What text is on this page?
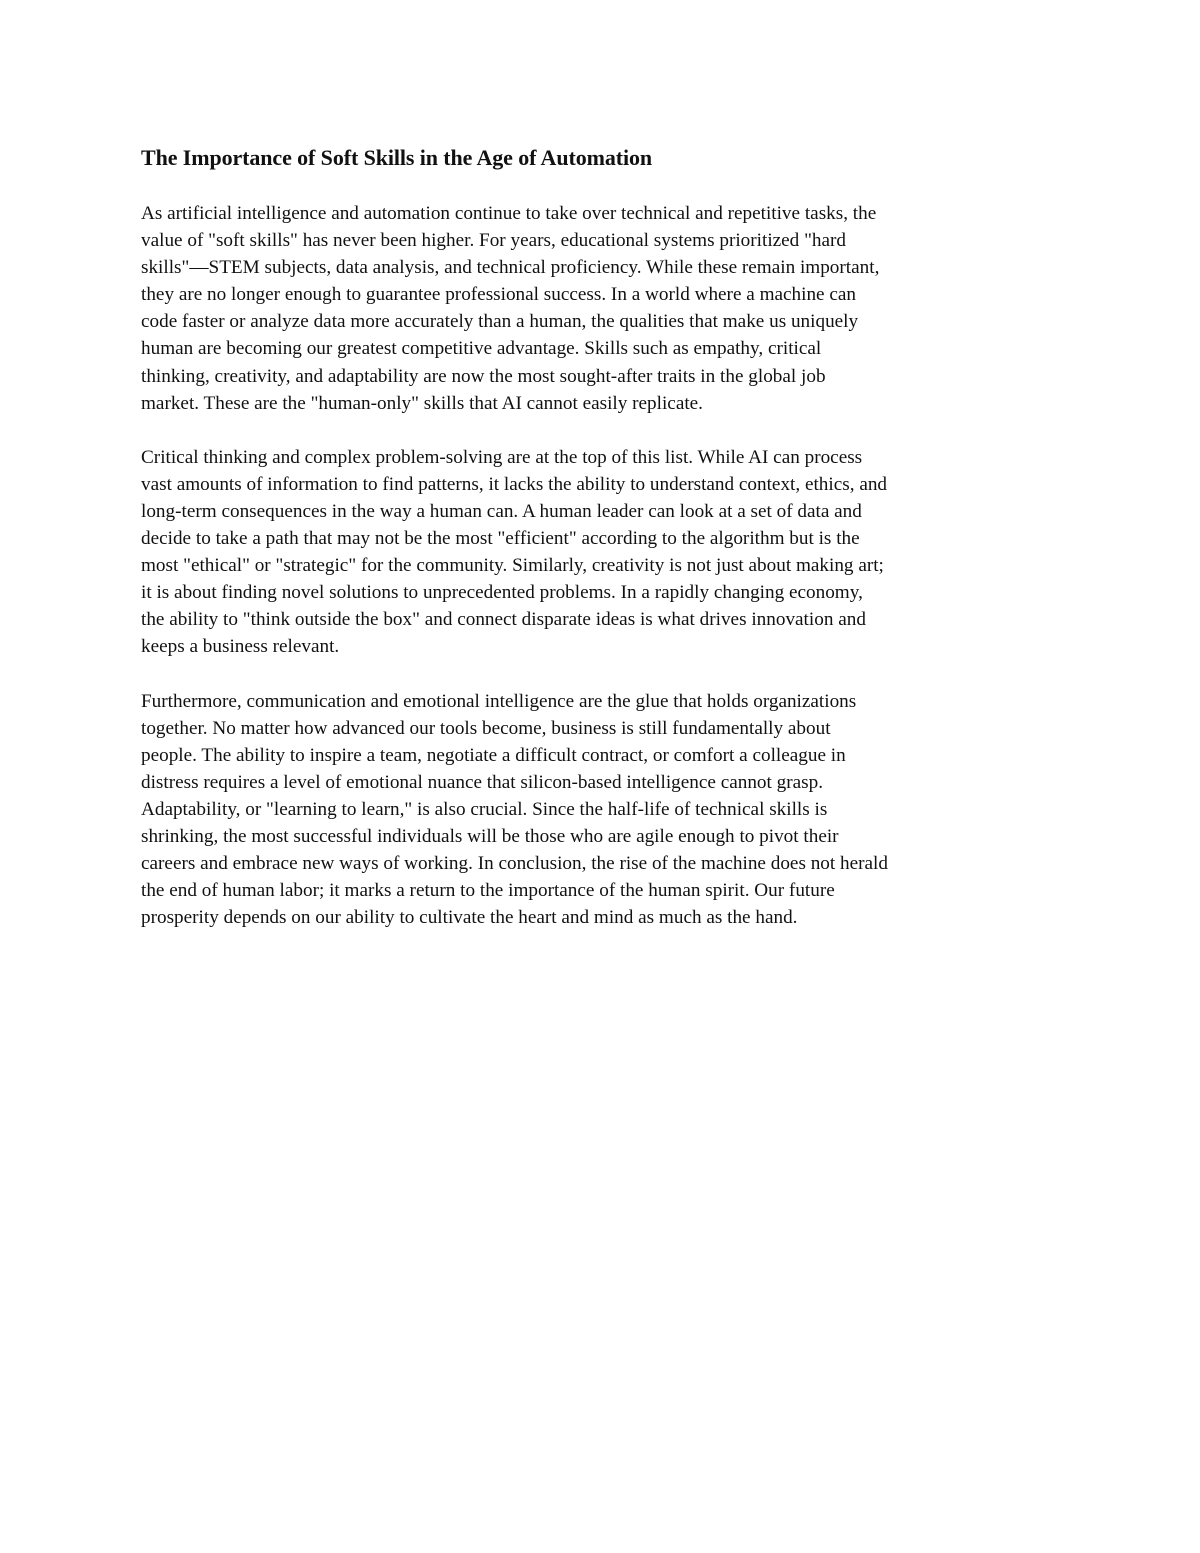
The Importance of Soft Skills in the Age of Automation

As artificial intelligence and automation continue to take over technical and repetitive tasks, the
value of "soft skills" has never been higher. For years, educational systems prioritized "hard
skills"—STEM subjects, data analysis, and technical proficiency. While these remain important,
they are no longer enough to guarantee professional success. In a world where a machine can
code faster or analyze data more accurately than a human, the qualities that make us uniquely
human are becoming our greatest competitive advantage. Skills such as empathy, critical
thinking, creativity, and adaptability are now the most sought-after traits in the global job
market. These are the "human-only" skills that AI cannot easily replicate.

Critical thinking and complex problem-solving are at the top of this list. While AI can process
vast amounts of information to find patterns, it lacks the ability to understand context, ethics, and
long-term consequences in the way a human can. A human leader can look at a set of data and
decide to take a path that may not be the most "efficient" according to the algorithm but is the
most "ethical" or "strategic" for the community. Similarly, creativity is not just about making art;
it is about finding novel solutions to unprecedented problems. In a rapidly changing economy,
the ability to "think outside the box" and connect disparate ideas is what drives innovation and
keeps a business relevant.

Furthermore, communication and emotional intelligence are the glue that holds organizations
together. No matter how advanced our tools become, business is still fundamentally about
people. The ability to inspire a team, negotiate a difficult contract, or comfort a colleague in
distress requires a level of emotional nuance that silicon-based intelligence cannot grasp.
Adaptability, or "learning to learn," is also crucial. Since the half-life of technical skills is
shrinking, the most successful individuals will be those who are agile enough to pivot their
careers and embrace new ways of working. In conclusion, the rise of the machine does not herald
the end of human labor; it marks a return to the importance of the human spirit. Our future
prosperity depends on our ability to cultivate the heart and mind as much as the hand.
